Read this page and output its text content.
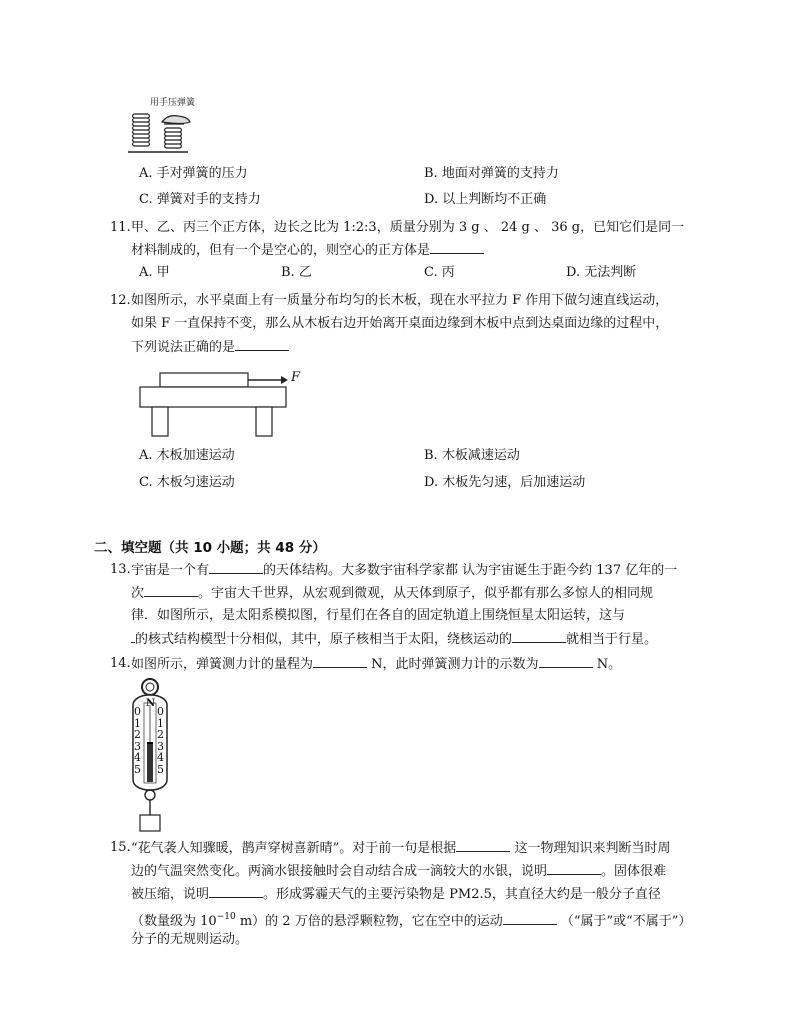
用手压弹簧
A. 手对弹簧的压力	B. 地面对弹簧的支持力
C. 弹簧对手的支持力	D. 以上判断均不正确
11. 甲、乙、丙三个正方体，边长之比为 1:2:3，质量分别为 3 g 、 24 g 、 36 g，已知它们是同一
材料制成的，但有一个是空心的，则空心的正方体是
A. 甲	B. 乙	C. 丙	D. 无法判断
12. 如图所示，水平桌面上有一质量分布均匀的长木板，现在水平拉力 F 作用下做匀速直线运动，
如果 F 一直保持不变，那么从木板右边开始离开桌面边缘到木板中点到达桌面边缘的过程中，
下列说法正确的是
F
A. 木板加速运动	B. 木板减速运动
C. 木板匀速运动	D. 木板先匀速，后加速运动
二、填空题（共 10 小题；共 48 分）
13. 宇宙是一个有	的天体结构。大多数宇宙科学家都 认为宇宙诞生于距今约 137 亿年的一
次	。宇宙大千世界，从宏观到微观，从天体到原子，似乎都有那么多惊人的相同规
律．如图所示，是太阳系模拟图，行星们在各自的固定轨道上围绕恒星太阳运转，这与
的核式结构模型十分相似，其中，原子核相当于太阳，绕核运动的	就相当于行星。
14. 如图所示，弹簧测力计的量程为	N，此时弹簧测力计的示数为	N。
N
0
1
2
3
4
5
0
1
2
3
4
5
15. “花气袭人知骤暖，鹊声穿树喜新晴”。对于前一句是根据	这一物理知识来判断当时周
边的气温突然变化。两滴水银接触时会自动结合成一滴较大的水银，说明	。固体很难
被压缩，说明	。形成雾霾天气的主要污染物是 PM2.5，其直径大约是一般分子直径
（数量级为 $10^{-10}$ m）的 2 万倍的悬浮颗粒物，它在空中的运动	（“属于”或“不属于”）
分子的无规则运动。
